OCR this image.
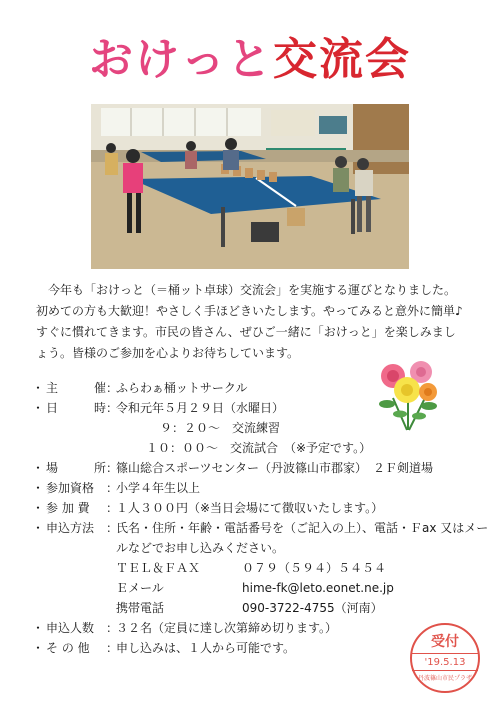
おけっと交流会

今年も「おけっと（＝桶ット卓球）交流会」を実施する運びとなりました。

初めての方も大歓迎！やさしく手ほどきいたします。やってみると意外に簡単♪

すぐに慣れてきます。市民の皆さん、ぜひご一緒に「おけっと」を楽しみましょう。皆様のご参加を心よりお待ちしています。

・ 主	催 ：
ふらわぁ桶ットサークル
・ 日	時 ：
令和元年５月２９日（水曜日）
９：２０～　交流練習
１０：００～　交流試合　（※予定です。）
・ 場	所 ：
篠山総合スポーツセンター（丹波篠山市郡家）　２Ｆ剣道場
・ 参加資格 ：
小学４年生以上
・ 参 加 費	：
１人３００円（※当日会場にて徴収いたします。）
・ 申込方法 ：
氏名・住所・年齢・電話番号を（ご記入の上）、電話・Ｆax 又はメー
ルなどでお申し込みください。
ＴＥＬ＆ＦＡＸ	０７９（５９４）５４５４
Ｅメール	hime-fk@leto.eonet.ne.jp
携帯電話	090-3722-4755（河南）
・ 申込人数 ：
３２名（定員に達し次第締め切ります。）
・ そ の 他	：
申し込みは、１人から可能です。	受付
'19.5.13
丹波篠山市民プラザ
